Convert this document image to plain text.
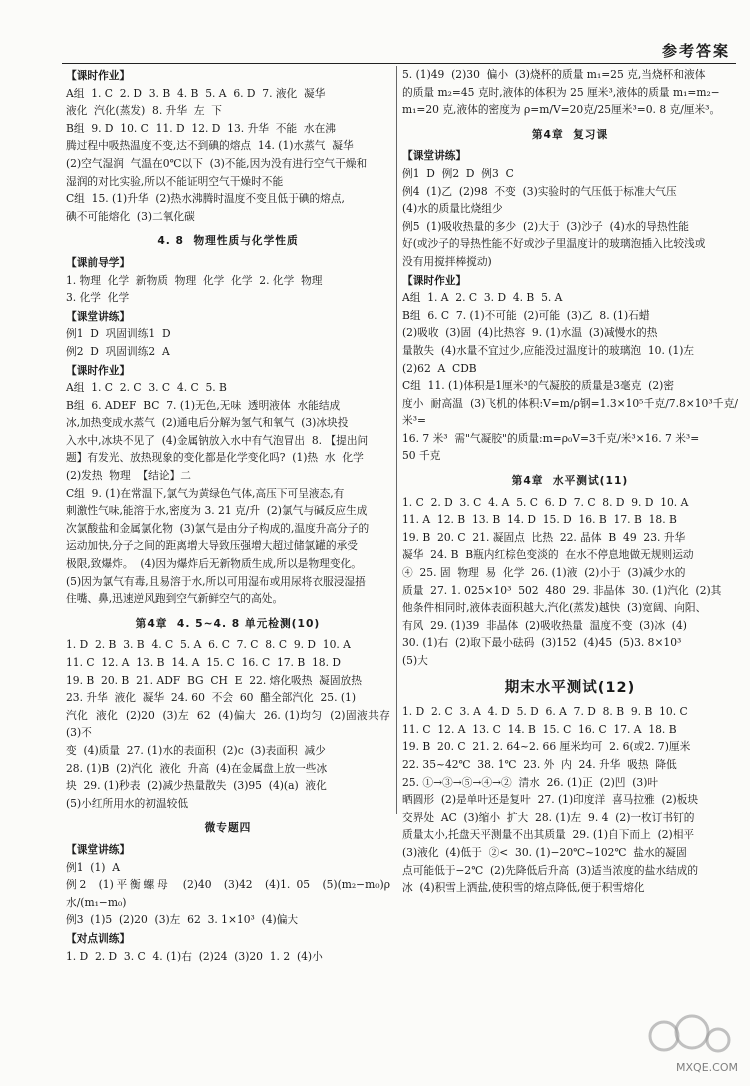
参考答案

【课时作业】

A组  1. C  2. D  3. B  4. B  5. A  6. D  7. 液化  凝华

液化  汽化(蒸发)  8. 升华  左  下

B组  9. D  10. C  11. D  12. D  13. 升华  不能  水在沸

腾过程中吸热温度不变,达不到碘的熔点  14. (1)水蒸气  凝华

(2)空气湿润  气温在0℃以下  (3)不能,因为没有进行空气干燥和

湿润的对比实验,所以不能证明空气干燥时不能

C组  15. (1)升华  (2)热水沸腾时温度不变且低于碘的熔点,

碘不可能熔化  (3)二氧化碳

4. 8  物理性质与化学性质

【课前导学】

1. 物理  化学  新物质  物理  化学  化学  2. 化学  物理

3. 化学  化学

【课堂讲练】

例1  D  巩固训练1  D

例2  D  巩固训练2  A

【课时作业】

A组  1. C  2. C  3. C  4. C  5. B

B组  6. ADEF  BC  7. (1)无色,无味  透明液体  水能结成

冰,加热变成水蒸气  (2)通电后分解为氢气和氧气  (3)冰块投

入水中,冰块不见了  (4)金属钠放入水中有气泡冒出  8. 【提出问

题】有发光、放热现象的变化都是化学变化吗?  (1)热  水  化学

(2)发热  物理  【结论】二

C组  9. (1)在常温下,氯气为黄绿色气体,高压下可呈液态,有

刺激性气味,能溶于水,密度为 3. 21 克/升  (2)氯气与碱反应生成

次氯酸盐和金属氯化物  (3)氯气是由分子构成的,温度升高分子的

运动加快,分子之间的距离增大导致压强增大超过储氯罐的承受

极限,致爆炸。  (4)因为爆炸后无新物质生成,所以是物理变化。

(5)因为氯气有毒,且易溶于水,所以可用湿布或用尿将衣服浸湿捂

住嘴、鼻,迅速逆风跑到空气新鲜空气的高处。

第4章  4. 5~4. 8 单元检测(10)

1. D  2. B  3. B  4. C  5. A  6. C  7. C  8. C  9. D  10. A

11. C  12. A  13. B  14. A  15. C  16. C  17. B  18. D

19. B  20. B  21. ADF  BG  CH  E  22. 熔化吸热  凝固放热

23. 升华  液化  凝华  24. 60  不会  60  醋全部汽化  25. (1)

汽化  液化  (2)20  (3)左  62  (4)偏大  26. (1)均匀  (2)固液共存  (3)不

变  (4)质量  27. (1)水的表面积  (2)c  (3)表面积  减少

28. (1)B  (2)汽化  液化  升高  (4)在金属盘上放一些冰

块  29. (1)秒表  (2)减少热量散失  (3)95  (4)(a)  液化

(5)小红所用水的初温较低

微专题四

【课堂讲练】

例1  (1)  A

例2  (1)平衡螺母  (2)40  (3)42  (4)1. 05  (5)(m₂−m₀)ρ水/(m₁−m₀)

例3  (1)5  (2)20  (3)左  62  3. 1×10³  (4)偏大

【对点训练】

1. D  2. D  3. C  4. (1)右  (2)24  (3)20  1. 2  (4)小

5. (1)49  (2)30  偏小  (3)烧杯的质量 m₁=25 克,当烧杯和液体

的质量 m₂=45 克时,液体的体积为 25 厘米³,液体的质量 m₁=m₂−

m₁=20 克,液体的密度为 ρ=m/V=20克/25厘米³=0. 8 克/厘米³。

第4章  复习课

【课堂讲练】

例1  D  例2  D  例3  C

例4  (1)乙  (2)98  不变  (3)实验时的气压低于标准大气压

(4)水的质量比烧组少

例5  (1)吸收热量的多少  (2)大于  (3)沙子  (4)水的导热性能

好(或沙子的导热性能不好或沙子里温度计的玻璃泡插入比较浅或

没有用搅拌棒搅动)

【课时作业】

A组  1. A  2. C  3. D  4. B  5. A

B组  6. C  7. (1)不可能  (2)可能  (3)乙  8. (1)石蜡

(2)吸收  (3)固  (4)比热容  9. (1)水温  (3)减慢水的热

量散失  (4)水量不宜过少,应能没过温度计的玻璃泡  10. (1)左

(2)62  A  CDB

C组  11. (1)体积是1厘米³的气凝胶的质量是3毫克  (2)密

度小  耐高温  (3)飞机的体积:V=m/ρ钢=1.3×10⁵千克/7.8×10³千克/米³=

16. 7 米³  需"气凝胶"的质量:m=ρ₀V=3千克/米³×16. 7 米³=

50 千克

第4章  水平测试(11)

1. C  2. D  3. C  4. A  5. C  6. D  7. C  8. D  9. D  10. A

11. A  12. B  13. B  14. D  15. D  16. B  17. B  18. B

19. B  20. C  21. 凝固点  比热  22. 晶体  B  49  23. 升华

凝华  24. B  B瓶内红棕色变淡的  在水不停息地做无规则运动

④  25. 固  物理  易  化学  26. (1)液  (2)小于  (3)减少水的

质量  27. 1. 025×10³  502  480  29. 非晶体  30. (1)汽化  (2)其

他条件相同时,液体表面积越大,汽化(蒸发)越快  (3)宽阔、向阳、

有风  29. (1)39  非晶体  (2)吸收热量  温度不变  (3)冰  (4)

30. (1)右  (2)取下最小砝码  (3)152  (4)45  (5)3. 8×10³

(5)大

期末水平测试(12)

1. D  2. C  3. A  4. D  5. D  6. A  7. D  8. B  9. B  10. C

11. C  12. A  13. C  14. B  15. C  16. C  17. A  18. B

19. B  20. C  21. 2. 64~2. 66 厘米均可  2. 6(或2. 7)厘米

22. 35~42℃  38. 1℃  23. 外  内  24. 升华  吸热  降低

25. ①→③→⑤→④→②  清水  26. (1)正  (2)凹  (3)叶

晒圆形  (2)是单叶还是复叶  27. (1)印度洋  喜马拉雅  (2)板块

交界处  AC  (3)缩小  扩大  28. (1)左  9. 4  (2)一枚订书钉的

质量太小,托盘天平测量不出其质量  29. (1)自下而上  (2)相平

(3)液化  (4)低于  ②<  30. (1)−20℃~102℃  盐水的凝固

点可能低于−2℃  (2)先降低后升高  (3)适当浓度的盐水结成的

冰  (4)积雪上洒盐,使积雪的熔点降低,便于积雪熔化

MXQE.COM
